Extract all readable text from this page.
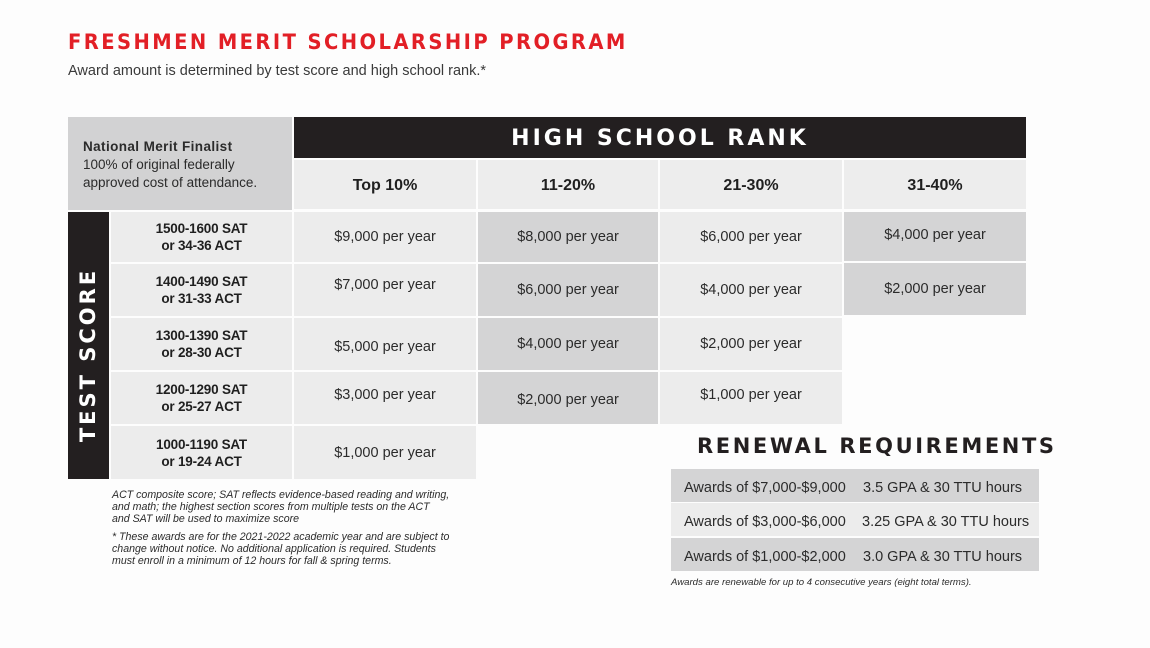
FRESHMEN MERIT SCHOLARSHIP PROGRAM
Award amount is determined by test score and high school rank.*
National Merit Finalist
100% of original federally
approved cost of attendance.
HIGH SCHOOL RANK
Top 10%	11-20%	21-30%	31-40%
TEST SCORE
1500-1600 SAT
or 34-36 ACT
$9,000 per year	$8,000 per year	$6,000 per year	$4,000 per year
1400-1490 SAT
or 31-33 ACT
$7,000 per year	$6,000 per year	$4,000 per year	$2,000 per year
1300-1390 SAT
or 28-30 ACT	$5,000 per year	$4,000 per year	$2,000 per year
1200-1290 SAT
or 25-27 ACT
$3,000 per year	$2,000 per year	$1,000 per year
1000-1190 SAT
or 19-24 ACT
$1,000 per year
ACT composite score; SAT reflects evidence-based reading and writing,
and math; the highest section scores from multiple tests on the ACT
and SAT will be used to maximize score
* These awards are for the 2021-2022 academic year and are subject to
change without notice. No additional application is required. Students
must enroll in a minimum of 12 hours for fall & spring terms.
RENEWAL REQUIREMENTS
Awards of $7,000-$9,000 3.5 GPA & 30 TTU hours
Awards of $3,000-$6,000 3.25 GPA & 30 TTU hours
Awards of $1,000-$2,000 3.0 GPA & 30 TTU hours
Awards are renewable for up to 4 consecutive years (eight total terms).
